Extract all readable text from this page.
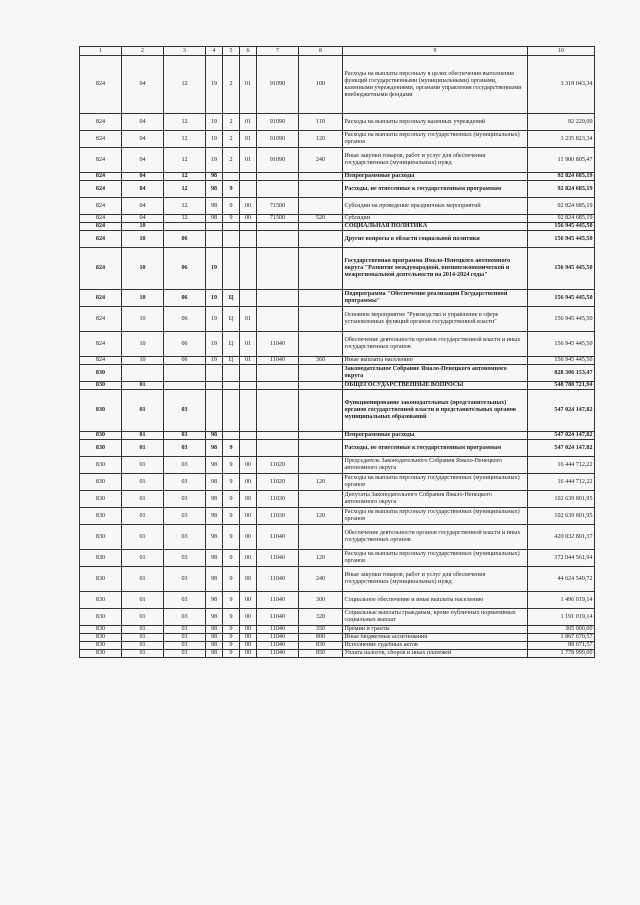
1	2	3	4	5	6	7	8	9	10
824	04	12	19	2	01	91090	100	Расходы на выплаты персоналу в целях обеспечения выполнения функций государственными (муниципальными) органами, казенными учреждениями, органами управления государственными внебюджетными фондами	3 318 043,34
824	04	12	19	2	01	91090	110	Расходы на выплаты персоналу казенных учреждений	82 220,00
824	04	12	19	2	01	91090	120	Расходы на выплаты персоналу государственных (муниципальных) органов	3 235 823,34
824	04	12	19	2	01	91090	240	Иные закупки товаров, работ и услуг для обеспечения государственных (муниципальных) нужд	11 900 805,47
824	04	12	98					Непрограммные расходы	92 824 685,19
824	04	12	98	9				Расходы, не отнесенные к государственным программам	92 824 685,19
824	04	12	98	9	00	71500		Субсидии на проведение праздничных мероприятий	92 824 685,19
824	04	12	98	9	00	71500	520	Субсидии	92 824 685,19
824	10							СОЦИАЛЬНАЯ ПОЛИТИКА	156 945 445,50
824	10	06						Другие вопросы в области социальной политики	156 945 445,50
824	10	06	19					Государственная программа Ямало-Ненецкого автономного округа "Развитие международной, внешнеэкономической и межрегиональной деятельности на 2014-2024 годы"	156 945 445,50
824	10	06	19	Ц				Подпрограмма "Обеспечение реализации Государственной программы"	156 945 445,50
824	10	06	19	Ц	01			Основное мероприятие "Руководство и управление в сфере установленных функций органов государственной власти"	156 945 445,50
824	10	06	19	Ц	01	11040		Обеспечение деятельности органов государственной власти и иных государственных органов	156 945 445,50
824	10	06	19	Ц	01	11040	360	Иные выплаты населению	156 945 445,50
830								Законодательное Собрание Ямало-Ненецкого автономного округа	828 306 153,47
830	01							ОБЩЕГОСУДАРСТВЕННЫЕ ВОПРОСЫ	548 788 721,94
830	01	03						Функционирование законодательных (представительных) органов государственной власти и представительных органов муниципальных образований	547 024 147,82
830	01	03	98					Непрограммные расходы	547 024 147,82
830	01	03	98	9				Расходы, не отнесенные к государственным программам	547 024 147,82
830	01	03	98	9	00	11020		Председатель Законодательного Собрания Ямало-Ненецкого автономного округа	16 444 712,22
830	01	03	98	9	00	11020	120	Расходы на выплаты персоналу государственных (муниципальных) органов	16 444 712,22
830	01	03	98	9	00	11030		Депутаты Законодательного Собрания Ямало-Ненецкого автономного округа	102 639 801,95
830	01	03	98	9	00	11030	120	Расходы на выплаты персоналу государственных (муниципальных) органов	102 639 801,95
830	01	03	98	9	00	11040		Обеспечение деятельности органов государственной власти и иных государственных органов	420 032 801,37
830	01	03	98	9	00	11040	120	Расходы на выплаты персоналу государственных (муниципальных) органов	372 044 561,94
830	01	03	98	9	00	11040	240	Иные закупки товаров, работ и услуг для обеспечения государственных (муниципальных) нужд	44 624 549,72
830	01	03	98	9	00	11040	300	Социальное обеспечение и иные выплаты населению	1 496 019,14
830	01	03	98	9	00	11040	320	Социальные выплаты гражданам, кроме публичных нормативных социальных выплат	1 191 019,14
830	01	03	98	9	00	11040	350	Премии и гранты	305 000,00
830	01	03	98	9	00	11040	800	Иные бюджетные ассигнования	1 867 670,57
830	01	03	98	9	00	11040	830	Исполнение судебных актов	88 671,57
830	01	03	98	9	00	11040	850	Уплата налогов, сборов и иных платежей	1 778 999,00
